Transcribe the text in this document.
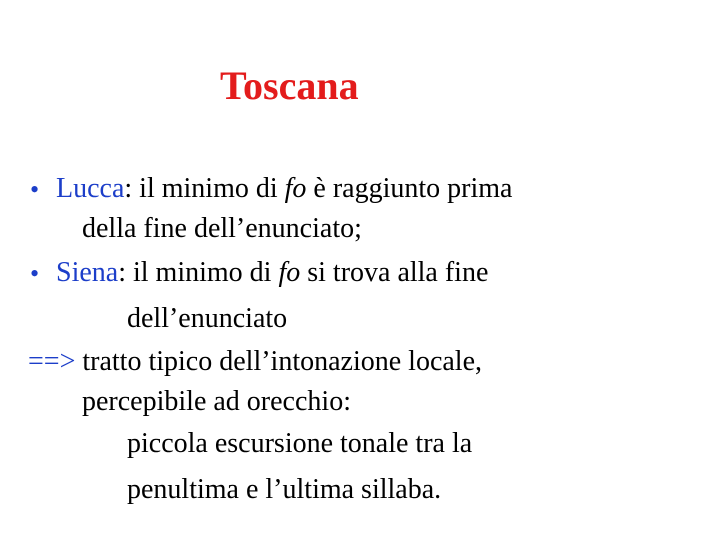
Toscana
• Lucca: il minimo di fo è raggiunto prima
della fine dell’enunciato;
• Siena: il minimo di fo si trova alla fine
dell’enunciato
==> tratto tipico dell’intonazione locale,
percepibile ad orecchio:
piccola escursione tonale tra la
penultima e l’ultima sillaba.
